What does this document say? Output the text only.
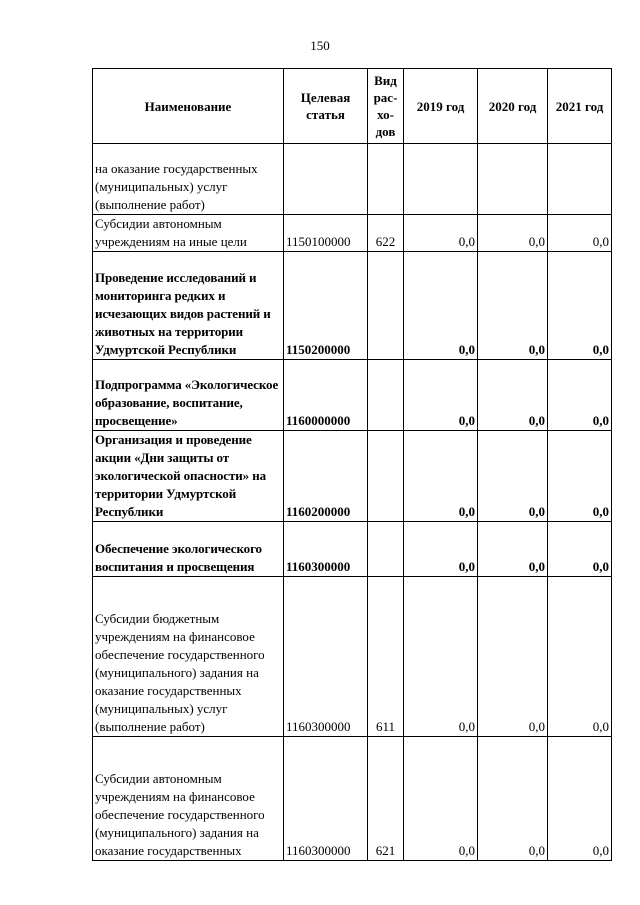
150
Наименование	Целевая статья	Вид рас- хо- дов	2019 год	2020 год	2021 год
на оказание государственных (муниципальных) услуг (выполнение работ)					
Субсидии автономным учреждениям на иные цели	1150100000	622	0,0	0,0	0,0
Проведение исследований и мониторинга редких и исчезающих видов растений и животных на территории Удмуртской Республики	1150200000		0,0	0,0	0,0
Подпрограмма «Экологическое образование, воспитание, просвещение»	1160000000		0,0	0,0	0,0
Организация и проведение акции «Дни защиты от экологической опасности» на территории Удмуртской Республики	1160200000		0,0	0,0	0,0
Обеспечение экологического воспитания и просвещения	1160300000		0,0	0,0	0,0
Субсидии бюджетным учреждениям на финансовое обеспечение государственного (муниципального) задания на оказание государственных (муниципальных) услуг (выполнение работ)	1160300000	611	0,0	0,0	0,0
Субсидии автономным учреждениям на финансовое обеспечение государственного (муниципального) задания на оказание государственных	1160300000	621	0,0	0,0	0,0
